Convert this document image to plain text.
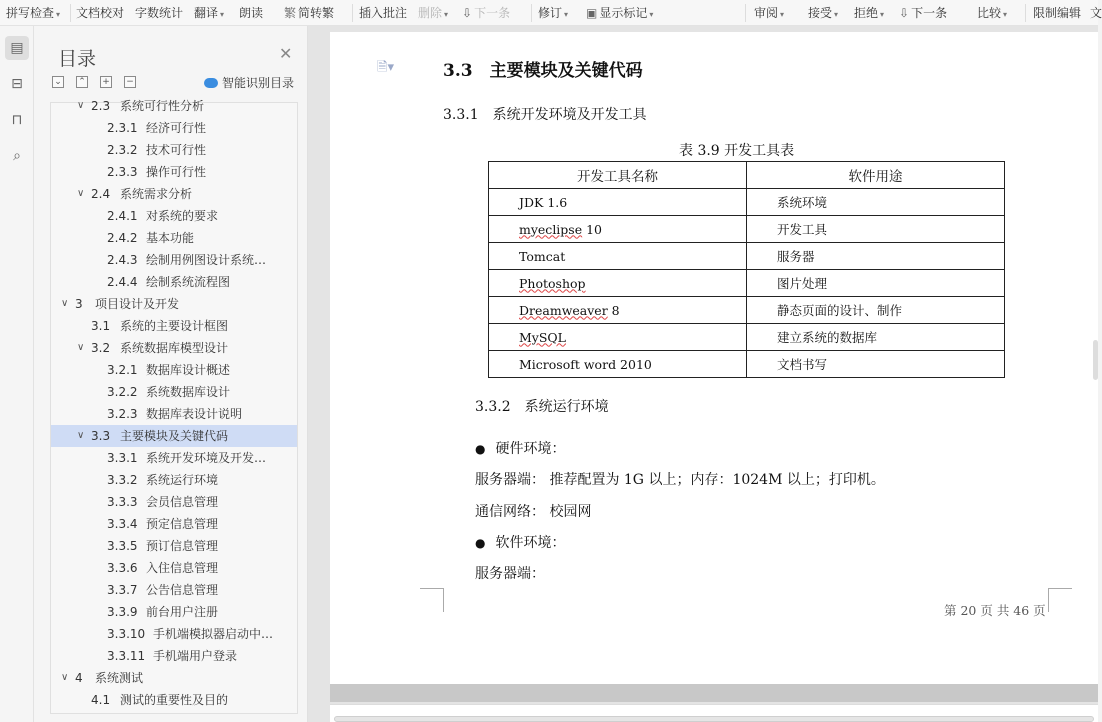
拼写检查 ▾ 文档校对 字数统计 翻译 ▾ 朗读 繁 简转繁 插入批注 删除 ▾ ⇩ 下一条 修订 ▾ ▣ 显示标记 ▾	审阅 ▾ 接受 ▾ 拒绝 ▾ ⇩ 下一条 比较 ▾ 限制编辑 文
▤
⊟
⊓
⌕
目录	✕
⌄ ⌃ + −	智能识别目录
∨ 2.3 系统可行性分析
2.3.1 经济可行性
2.3.2 技术可行性
2.3.3 操作可行性
∨ 2.4 系统需求分析
2.4.1 对系统的要求
2.4.2 基本功能
2.4.3 绘制用例图设计系统…
2.4.4 绘制系统流程图
∨ 3 项目设计及开发
3.1 系统的主要设计框图
∨ 3.2 系统数据库模型设计
3.2.1 数据库设计概述
3.2.2 系统数据库设计
3.2.3 数据库表设计说明
∨ 3.3 主要模块及关键代码
3.3.1 系统开发环境及开发…
3.3.2 系统运行环境
3.3.3 会员信息管理
3.3.4 预定信息管理
3.3.5 预订信息管理
3.3.6 入住信息管理
3.3.7 公告信息管理
3.3.9 前台用户注册
3.3.10 手机端模拟器启动中…
3.3.11 手机端用户登录
∨ 4 系统测试
4.1 测试的重要性及目的
🗎▾	3.3　主要模块及关键代码
3.3.1　系统开发环境及开发工具
表 3.9 开发工具表
开发工具名称	软件用途
JDK 1.6	系统环境
myeclipse 10	开发工具
Tomcat	服务器
Photoshop	图片处理
Dreamweaver 8	静态页面的设计、制作
MySQL	建立系统的数据库
Microsoft word 2010	文档书写
3.3.2　系统运行环境
● 硬件环境：
服务器端： 推荐配置为 1G 以上；内存：1024M 以上；打印机。
通信网络： 校园网
● 软件环境：
服务器端：
第 20 页 共 46 页
